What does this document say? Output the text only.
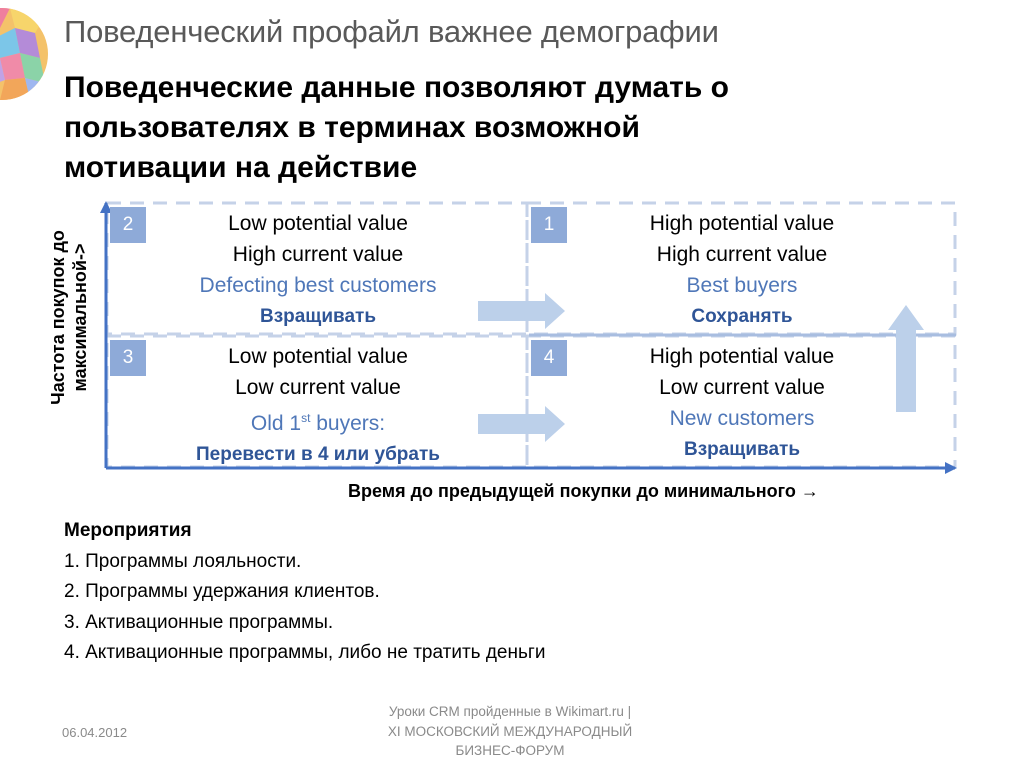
Поведенческий профайл важнее демографии
Поведенческие данные позволяют думать о
пользователях в терминах возможной
мотивации на действие
Частота покупок до максимальной->
Время до предыдущей покупки до минимального →
2	1
3	4
Low potential value
High current value
Defecting best customers
Взращивать
High potential value
High current value
Best buyers
Сохранять
Low potential value
Low current value
Old 1st buyers:
Перевести в 4 или убрать
High potential value
Low current value
New customers
Взращивать
Мероприятия
1. Программы лояльности.
2. Программы удержания клиентов.
3. Активационные программы.
4. Активационные программы, либо не тратить деньги
06.04.2012
Уроки CRM пройденные в Wikimart.ru |
XI МОСКОВСКИЙ МЕЖДУНАРОДНЫЙ
БИЗНЕС-ФОРУМ
